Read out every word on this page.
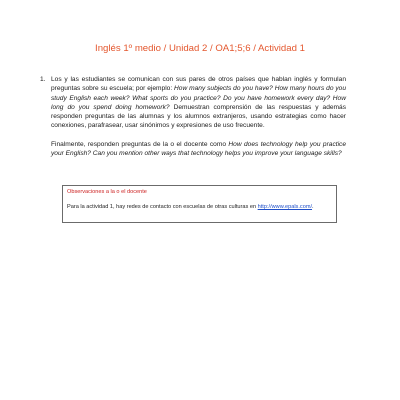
Inglés 1º medio / Unidad 2 / OA1;5;6 / Actividad 1
1. Los y las estudiantes se comunican con sus pares de otros países que hablan inglés y formulan preguntas sobre su escuela; por ejemplo: How many subjects do you have? How many hours do you study English each week? What sports do you practice? Do you have homework every day? How long do you spend doing homework? Demuestran comprensión de las respuestas y además responden preguntas de las alumnas y los alumnos extranjeros, usando estrategias como hacer conexiones, parafrasear, usar sinónimos y expresiones de uso frecuente.

Finalmente, responden preguntas de la o el docente como How does technology help you practice your English? Can you mention other ways that technology helps you improve your language skills?

Observaciones a la o el docente
Para la actividad 1, hay redes de contacto con escuelas de otras culturas en http://www.epals.com/.
